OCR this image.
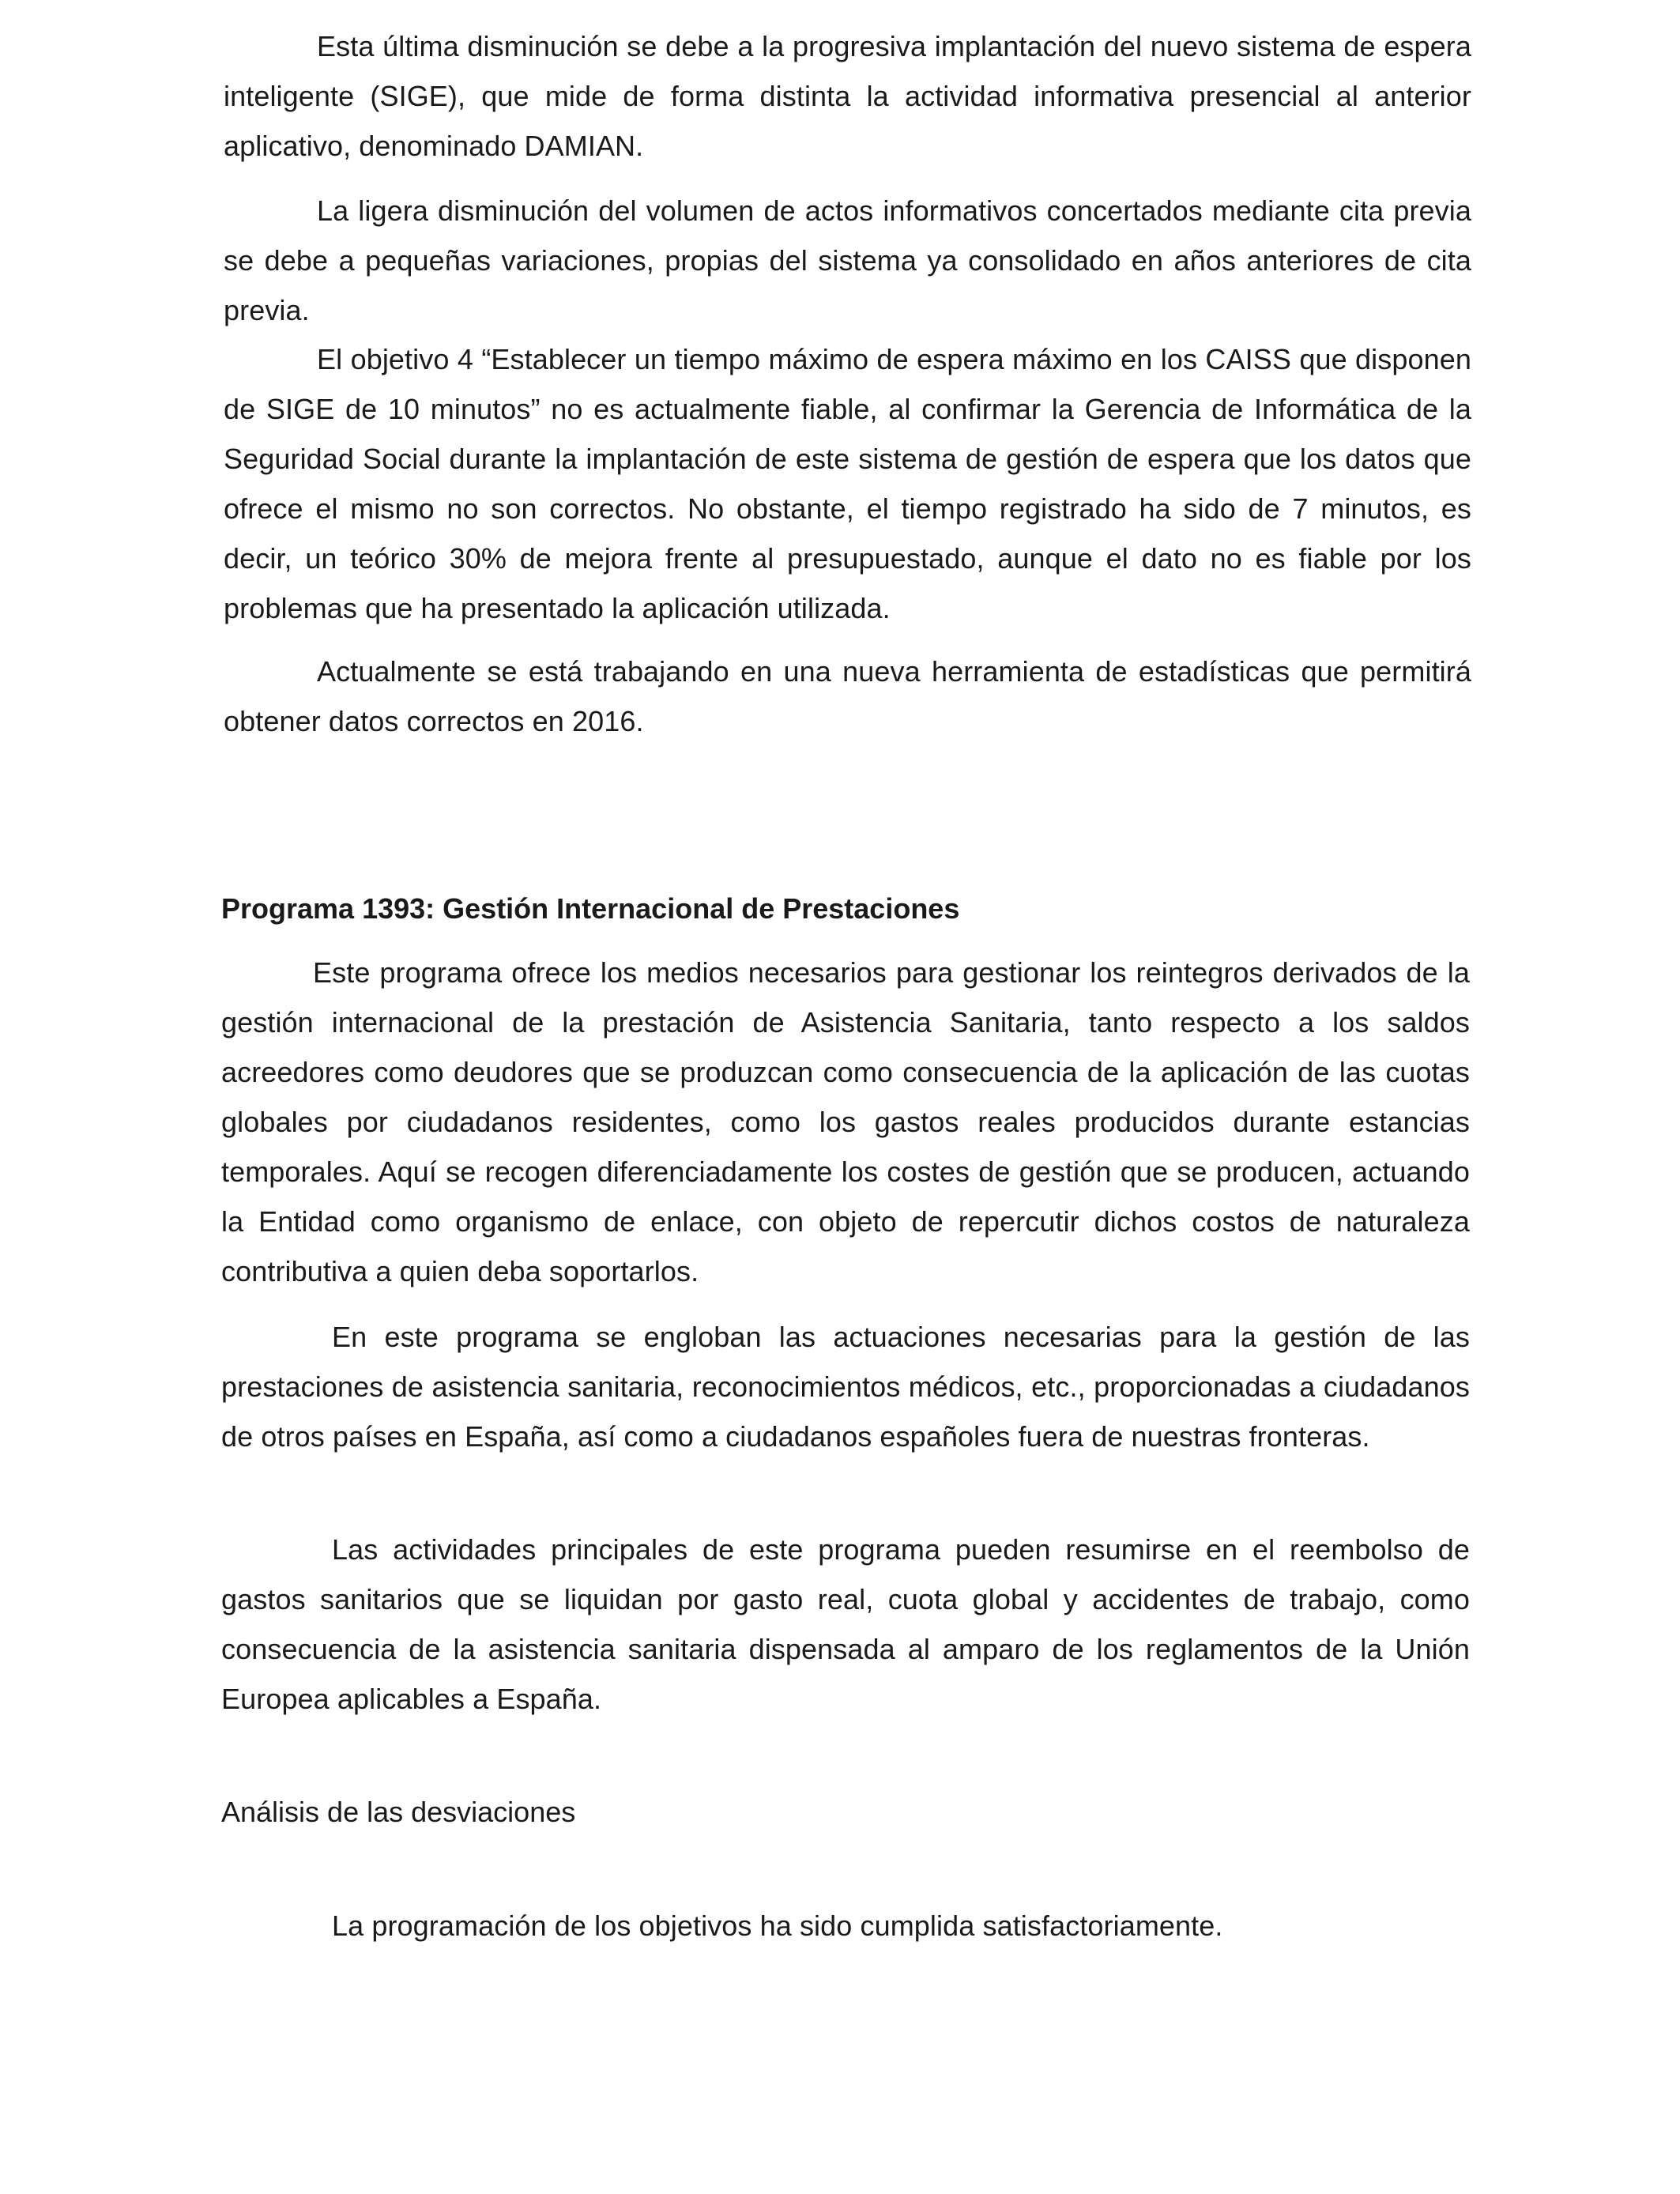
Esta última disminución se debe a la progresiva implantación del nuevo sistema de espera inteligente (SIGE), que mide de forma distinta la actividad informativa presencial al anterior aplicativo, denominado DAMIAN.

La ligera disminución del volumen de actos informativos concertados mediante cita previa se debe a pequeñas variaciones, propias del sistema ya consolidado en años anteriores de cita previa.

El objetivo 4 “Establecer un tiempo máximo de espera máximo en los CAISS que disponen de SIGE de 10 minutos” no es actualmente fiable, al confirmar la Gerencia de Informática de la Seguridad Social durante la implantación de este sistema de gestión de espera que los datos que ofrece el mismo no son correctos. No obstante, el tiempo registrado ha sido de 7 minutos, es decir, un teórico 30% de mejora frente al presupuestado, aunque el dato no es fiable por los problemas que ha presentado la aplicación utilizada.

Actualmente se está trabajando en una nueva herramienta de estadísticas que permitirá obtener datos correctos en 2016.

Programa 1393: Gestión Internacional de Prestaciones

Este programa ofrece los medios necesarios para gestionar los reintegros derivados de la gestión internacional de la prestación de Asistencia Sanitaria, tanto respecto a los saldos acreedores como deudores que se produzcan como consecuencia de la aplicación de las cuotas globales por ciudadanos residentes, como los gastos reales producidos durante estancias temporales. Aquí se recogen diferenciadamente los costes de gestión que se producen, actuando la Entidad como organismo de enlace, con objeto de repercutir dichos costos de naturaleza contributiva a quien deba soportarlos.

En este programa se engloban las actuaciones necesarias para la gestión de las prestaciones de asistencia sanitaria, reconocimientos médicos, etc., proporcionadas a ciudadanos de otros países en España, así como a ciudadanos españoles fuera de nuestras fronteras.

Las actividades principales de este programa pueden resumirse en el reembolso de gastos sanitarios que se liquidan por gasto real, cuota global y accidentes de trabajo, como consecuencia de la asistencia sanitaria dispensada al amparo de los reglamentos de la Unión Europea aplicables a España.

Análisis de las desviaciones

La programación de los objetivos ha sido cumplida satisfactoriamente.
